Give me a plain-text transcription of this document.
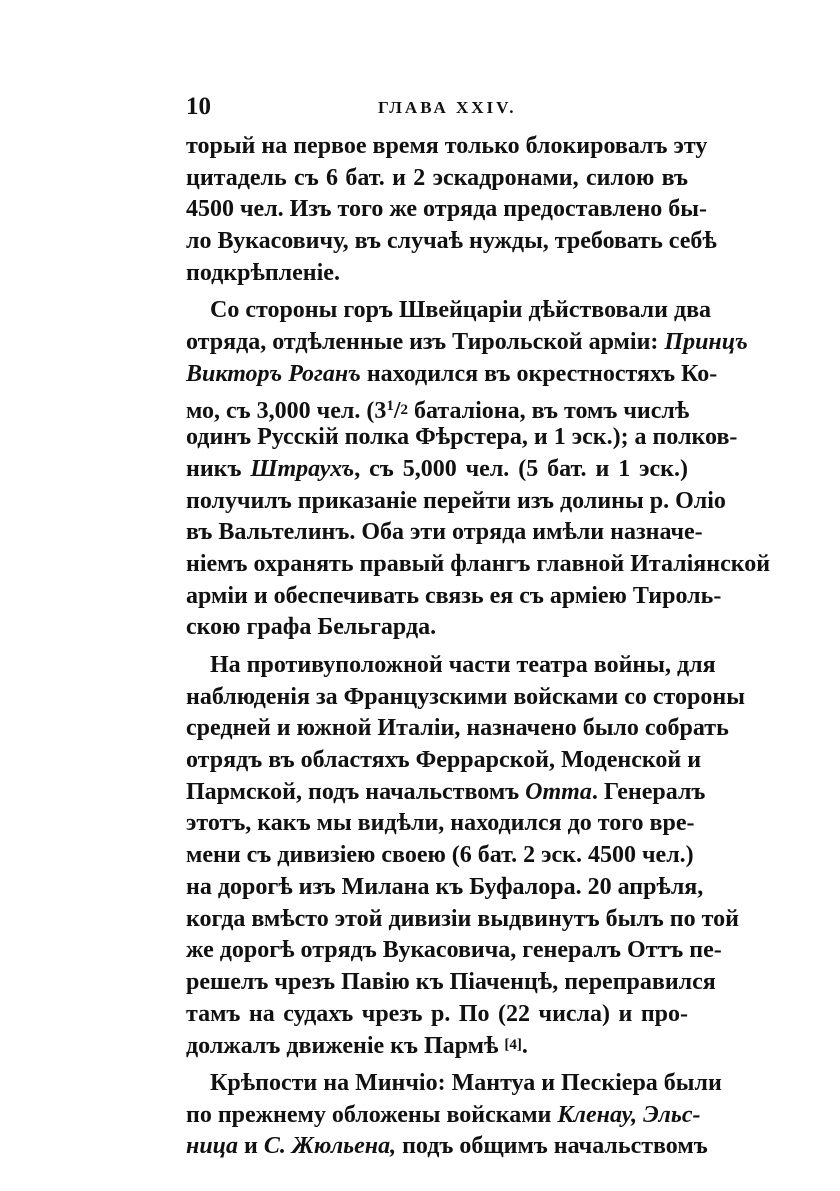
10	ГЛАВА XXIV.
торый на первое время только блокировалъ эту
цитадель съ 6 бат. и 2 эскадронами, силою въ
4500 чел. Изъ того же отряда предоставлено бы-
ло Вукасовичу, въ случаѣ нужды, требовать себѣ
подкрѣпленіе.
Со стороны горъ Швейцаріи дѣйствовали два
отряда, отдѣленные изъ Тирольской арміи: Принцъ
Викторъ Роганъ находился въ окрестностяхъ Ко-
мо, съ 3,000 чел. ($3^1/2$ баталіона, въ томъ числѣ
одинъ Русскій полка Фѣрстера, и 1 эск.); а полков-
никъ Штраухъ, съ 5,000 чел. (5 бат. и 1 эск.)
получилъ приказаніе перейти изъ долины р. Оліо
въ Вальтелинъ. Оба эти отряда имѣли назначе-
ніемъ охранять правый флангъ главной Италіянской
арміи и обеспечивать связь ея съ арміею Тироль-
скою графа Бельгарда.
На противуположной части театра войны, для
наблюденія за Французскими войсками со стороны
средней и южной Италіи, назначено было собрать
отрядъ въ областяхъ Феррарской, Моденской и
Пармской, подъ начальствомъ Отта. Генералъ
этотъ, какъ мы видѣли, находился до того вре-
мени съ дивизіею своею (6 бат. 2 эск. 4500 чел.)
на дорогѣ изъ Милана къ Буфалора. 20 апрѣля,
когда вмѣсто этой дивизіи выдвинутъ былъ по той
же дорогѣ отрядъ Вукасовича, генералъ Оттъ пе-
решелъ чрезъ Павію къ Піаченцѣ, переправился
тамъ на судахъ чрезъ р. По (22 числа) и про-
должалъ движеніе къ Пармѣ [4].
Крѣпости на Минчіо: Мантуа и Пескіера были
по прежнему обложены войсками Кленау, Эльс-
ница и С. Жюльена, подъ общимъ начальствомъ
